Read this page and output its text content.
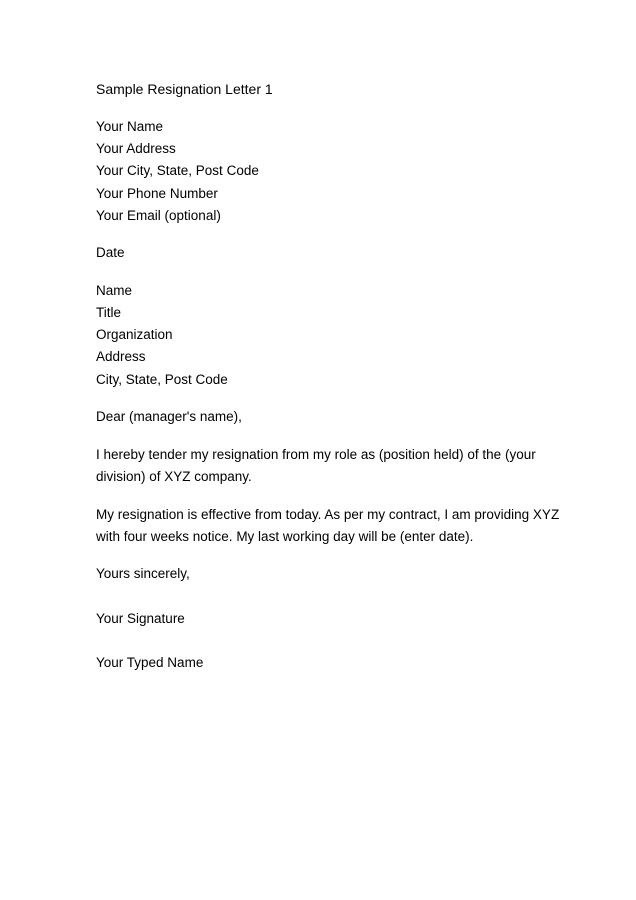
Sample Resignation Letter 1
Your Name
Your Address
Your City, State, Post Code
Your Phone Number
Your Email (optional)
Date
Name
Title
Organization
Address
City, State, Post Code
Dear (manager's name),
I hereby tender my resignation from my role as (position held) of the (your
division) of XYZ company.
My resignation is effective from today. As per my contract, I am providing XYZ
with four weeks notice. My last working day will be (enter date).
Yours sincerely,
Your Signature
Your Typed Name
